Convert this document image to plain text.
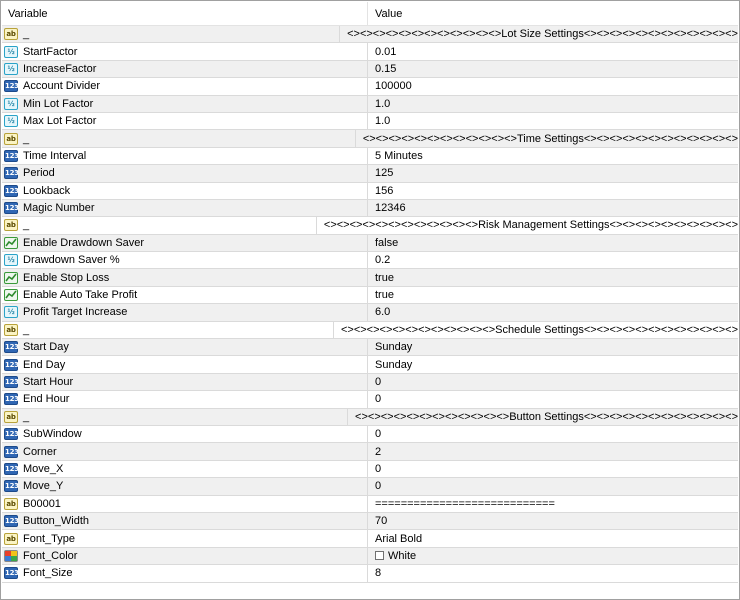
Variable	Value
ab _	<><><><><><><><><><><><>Lot Size Settings<><><><><><><><><><><><>
½ StartFactor	0.01
½ IncreaseFactor	0.15
123 Account Divider	100000
½ Min Lot Factor	1.0
½ Max Lot Factor	1.0
ab _	<><><><><><><><><><><><>Time Settings<><><><><><><><><><><><>
123 Time Interval	5 Minutes
123 Period	125
123 Lookback	156
123 Magic Number	12346
ab _	<><><><><><><><><><><><>Risk Management Settings<><><><><><><><><><>
Enable Drawdown Saver	false
½ Drawdown Saver %	0.2
Enable Stop Loss	true
Enable Auto Take Profit	true
½ Profit Target Increase	6.0
ab _	<><><><><><><><><><><><>Schedule Settings<><><><><><><><><><><><>
123 Start Day	Sunday
123 End Day	Sunday
123 Start Hour	0
123 End Hour	0
ab _	<><><><><><><><><><><><>Button Settings<><><><><><><><><><><><>
123 SubWindow	0
123 Corner	2
123 Move_X	0
123 Move_Y	0
ab B00001	============================
123 Button_Width	70
ab Font_Type	Arial Bold
Font_Color	White
123 Font_Size	8
